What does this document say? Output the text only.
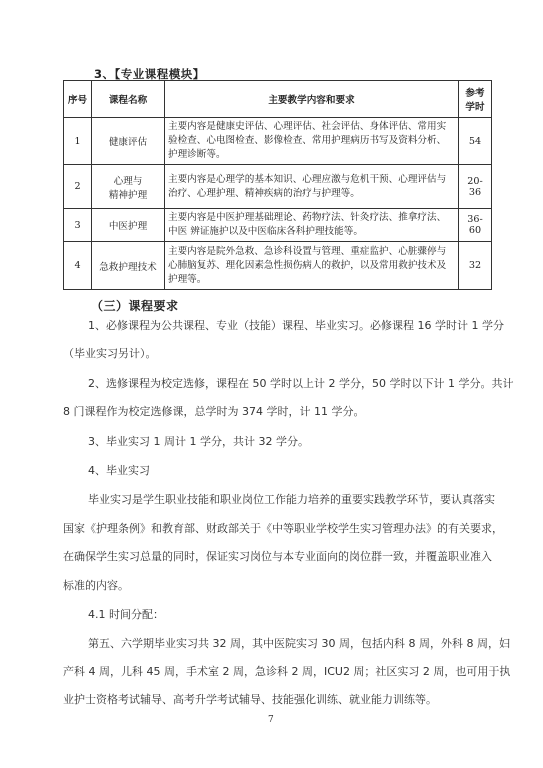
3、【专业课程模块】
序号	课程名称	主要教学内容和要求	参考
学时

1	健康评估	主要内容是健康史评估、心理评估、社会评估、身体评估、常用实验检查、心电图检查、影像检查、常用护理病历书写及资料分析、护理诊断等。	54
2	心理与
精神护理	主要内容是心理学的基本知识、心理应激与危机干预、心理评估与治疗、心理护理、精神疾病的治疗与护理等。	20-36
3	中医护理	主要内容是中医护理基础理论、药物疗法、针灸疗法、推拿疗法、中医 辨证施护以及中医临床各科护理技能等。	36-60
4	急救护理技术	主要内容是院外急救、急诊科设置与管理、重症监护、心脏骤停与心肺脑复苏、理化因素急性损伤病人的救护，以及常用救护技术及护理等。	32
（三）课程要求
1、必修课程为公共课程、专业（技能）课程、毕业实习。必修课程 16 学时计 1 学分
（毕业实习另计）。
2、选修课程为校定选修，课程在 50 学时以上计 2 学分，50 学时以下计 1 学分。共计
8 门课程作为校定选修课，总学时为 374 学时，计 11 学分。
3、毕业实习 1 周计 1 学分，共计 32 学分。
4、毕业实习
毕业实习是学生职业技能和职业岗位工作能力培养的重要实践教学环节，要认真落实
国家《护理条例》和教育部、财政部关于《中等职业学校学生实习管理办法》的有关要求，
在确保学生实习总量的同时，保证实习岗位与本专业面向的岗位群一致，并覆盖职业准入
标准的内容。
4.1 时间分配：
第五、六学期毕业实习共 32 周，其中医院实习 30 周，包括内科 8 周，外科 8 周，妇
产科 4 周，儿科 45 周，手术室 2 周，急诊科 2 周，ICU2 周；社区实习 2 周，也可用于执
业护士资格考试辅导、高考升学考试辅导、技能强化训练、就业能力训练等。
7
